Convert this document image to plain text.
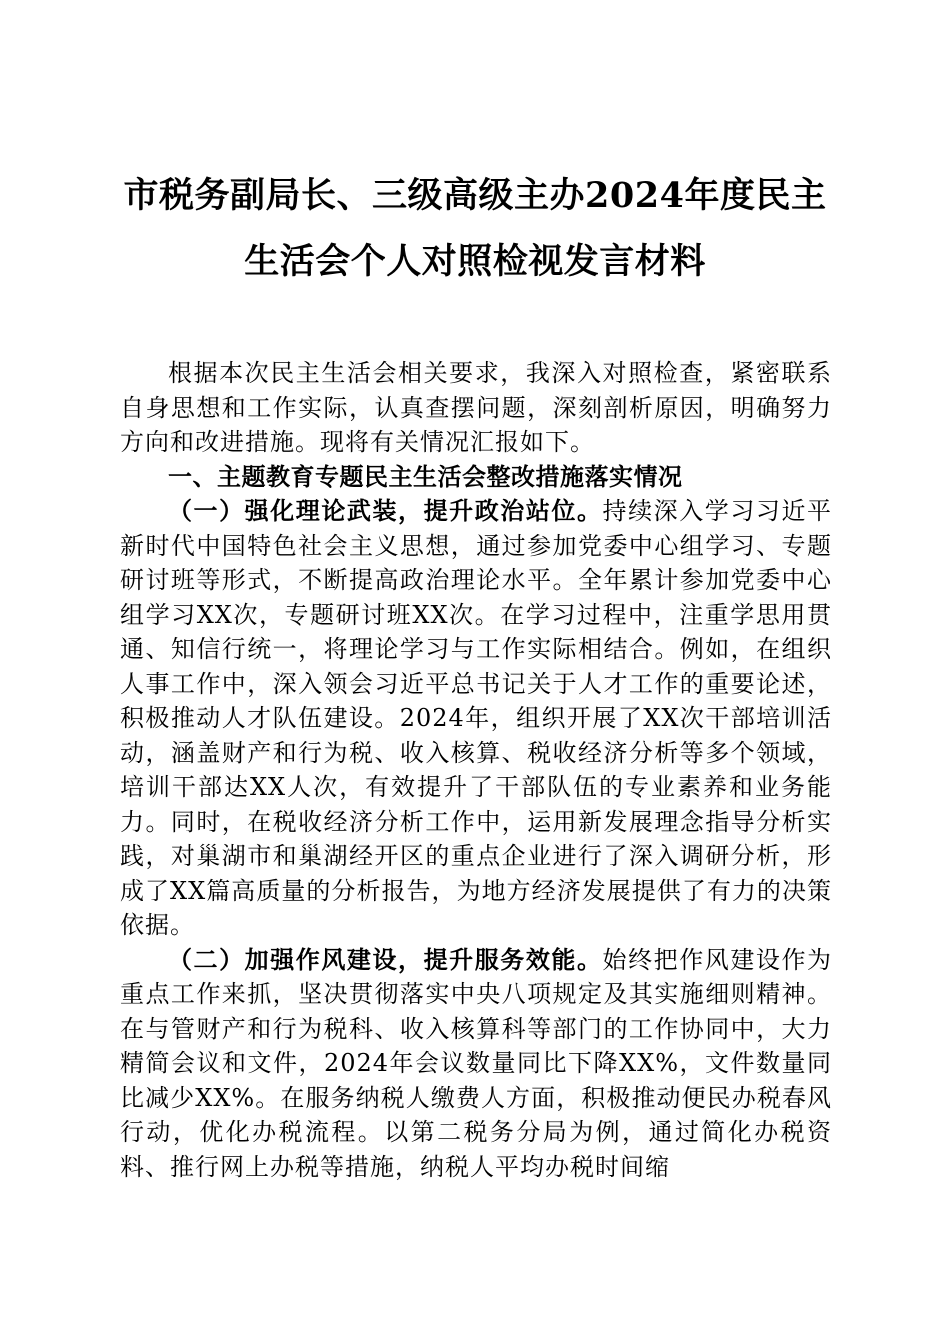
市税务副局长、三级高级主办2024年度民主
生活会个人对照检视发言材料

根据本次民主生活会相关要求，我深入对照检查，紧密联系自身思想和工作实际，认真查摆问题，深刻剖析原因，明确努力方向和改进措施。现将有关情况汇报如下。

一、主题教育专题民主生活会整改措施落实情况

（一）强化理论武装，提升政治站位。持续深入学习习近平新时代中国特色社会主义思想，通过参加党委中心组学习、专题研讨班等形式，不断提高政治理论水平。全年累计参加党委中心组学习XX次，专题研讨班XX次。在学习过程中，注重学思用贯通、知信行统一，将理论学习与工作实际相结合。例如，在组织人事工作中，深入领会习近平总书记关于人才工作的重要论述，积极推动人才队伍建设。2024年，组织开展了XX次干部培训活动，涵盖财产和行为税、收入核算、税收经济分析等多个领域，培训干部达XX人次，有效提升了干部队伍的专业素养和业务能力。同时，在税收经济分析工作中，运用新发展理念指导分析实践，对巢湖市和巢湖经开区的重点企业进行了深入调研分析，形成了XX篇高质量的分析报告，为地方经济发展提供了有力的决策依据。

（二）加强作风建设，提升服务效能。始终把作风建设作为重点工作来抓，坚决贯彻落实中央八项规定及其实施细则精神。在与管财产和行为税科、收入核算科等部门的工作协同中，大力精简会议和文件，2024年会议数量同比下降XX%，文件数量同比减少XX%。在服务纳税人缴费人方面，积极推动便民办税春风行动，优化办税流程。以第二税务分局为例，通过简化办税资料、推行网上办税等措施，纳税人平均办税时间缩
